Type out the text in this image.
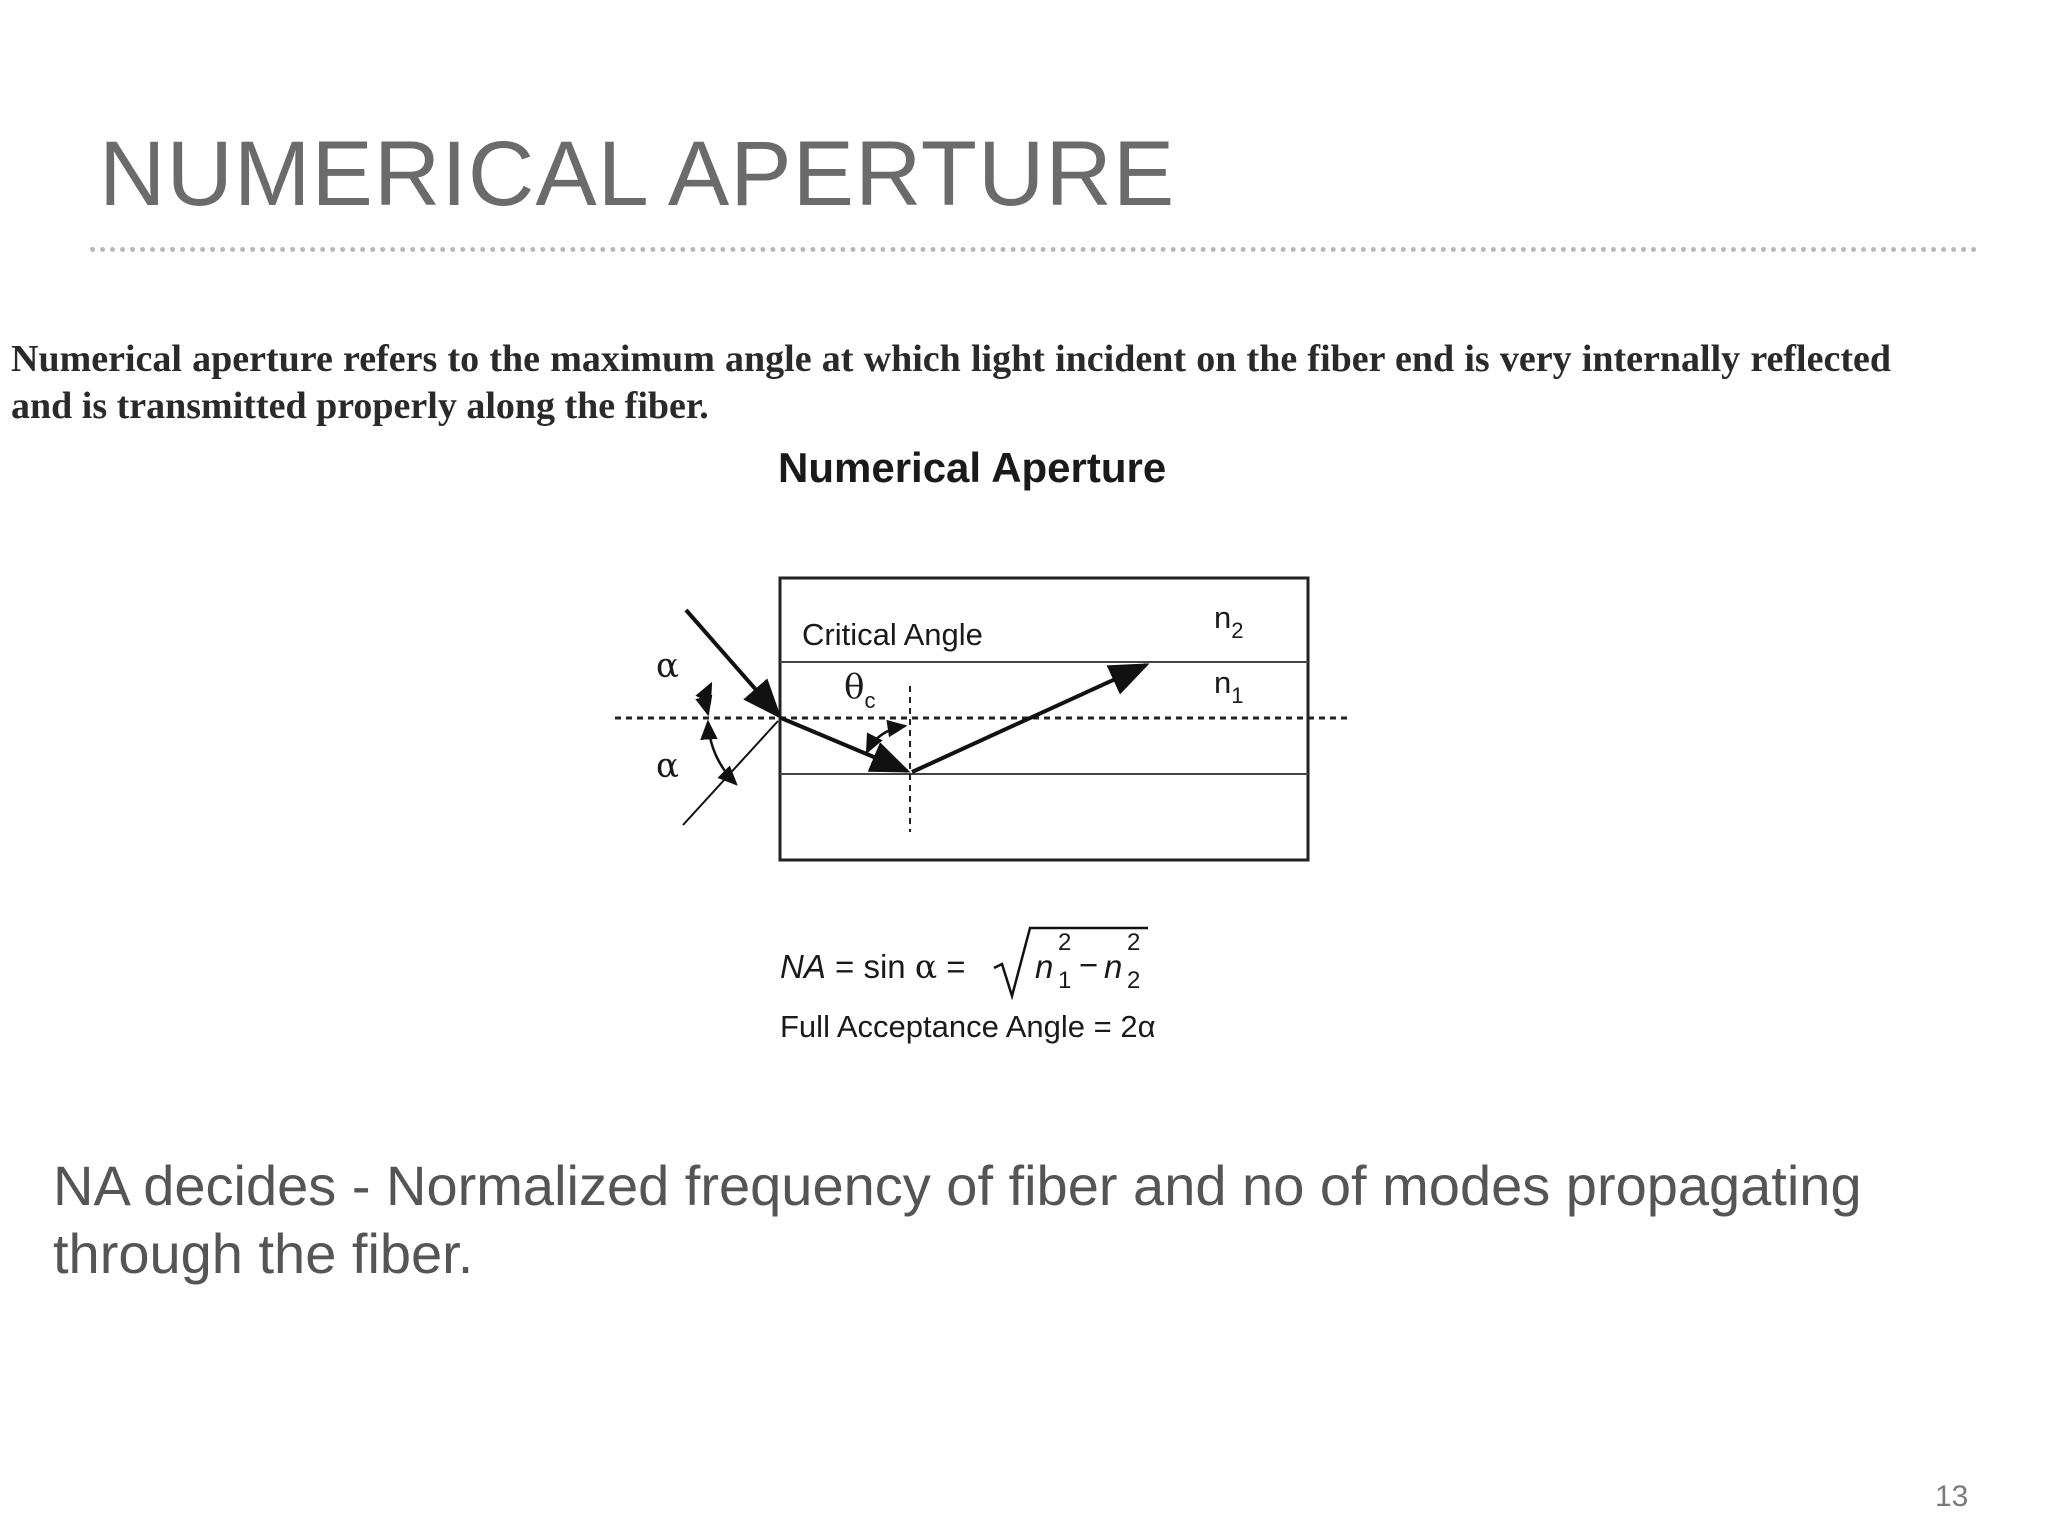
NUMERICAL APERTURE
Numerical aperture refers to the maximum angle at which light incident on the fiber end is very internally reflected and is transmitted properly along the fiber.
Numerical Aperture
α
α
Critical Angle
$\theta_c$
$n_2$
$n_1$
NA = sin α = n
2
1 − n
2
2
Full Acceptance Angle = 2α
NA decides - Normalized frequency of fiber and no of modes propagating through the fiber.
13
